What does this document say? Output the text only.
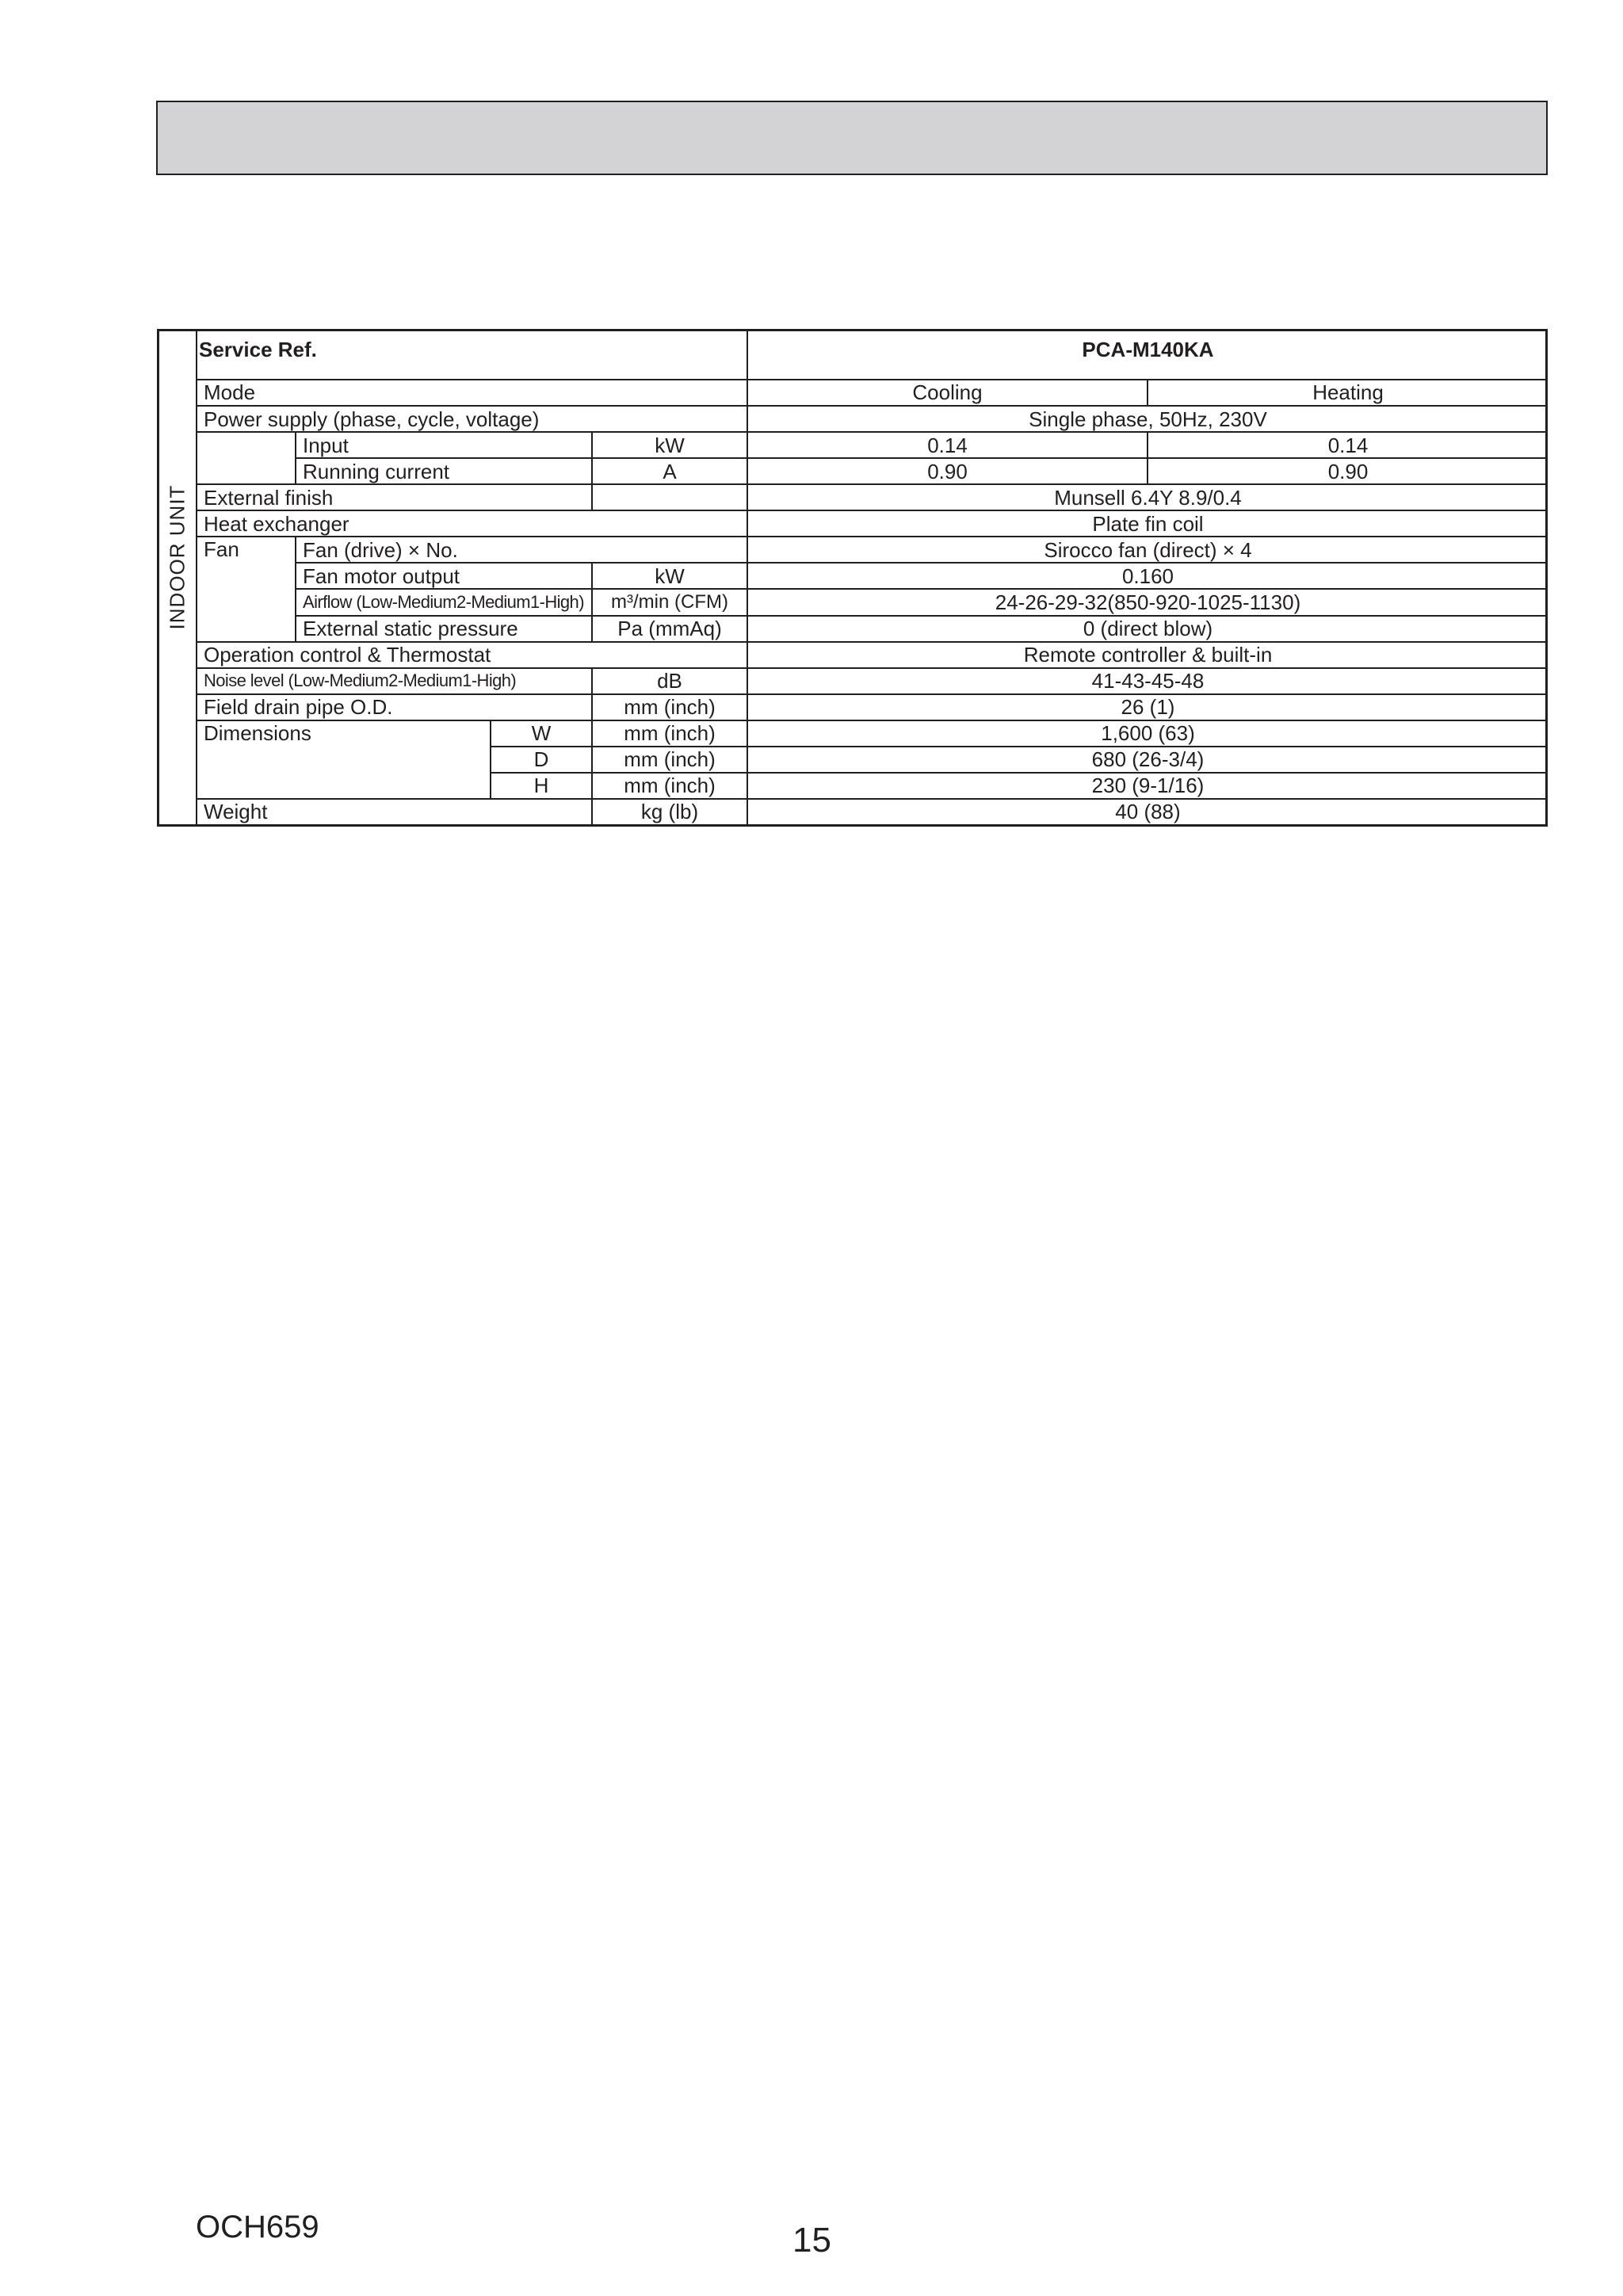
INDOOR UNIT
Service Ref.				PCA-M140KA	
Mode				Cooling	Heating
Power supply (phase, cycle, voltage)				Single phase, 50Hz, 230V	
	Input		kW	0.14	0.14
	Running current		A	0.90	0.90
External finish				Munsell 6.4Y 8.9/0.4	
Heat exchanger				Plate fin coil	
Fan	Fan (drive) × No.			Sirocco fan (direct) × 4	
	Fan motor output		kW	0.160	
	Airflow (Low-Medium2-Medium1-High)		m³/min (CFM)	24-26-29-32(850-920-1025-1130)	
	External static pressure		Pa (mmAq)	0 (direct blow)	
Operation control & Thermostat				Remote controller & built-in	
Noise level (Low-Medium2-Medium1-High)			dB	41-43-45-48	
Field drain pipe O.D.			mm (inch)	26 (1)	
Dimensions		W	mm (inch)	1,600 (63)	
		D	mm (inch)	680 (26-3/4)	
		H	mm (inch)	230 (9-1/16)	
Weight			kg (lb)	40 (88)	
OCH659	15
